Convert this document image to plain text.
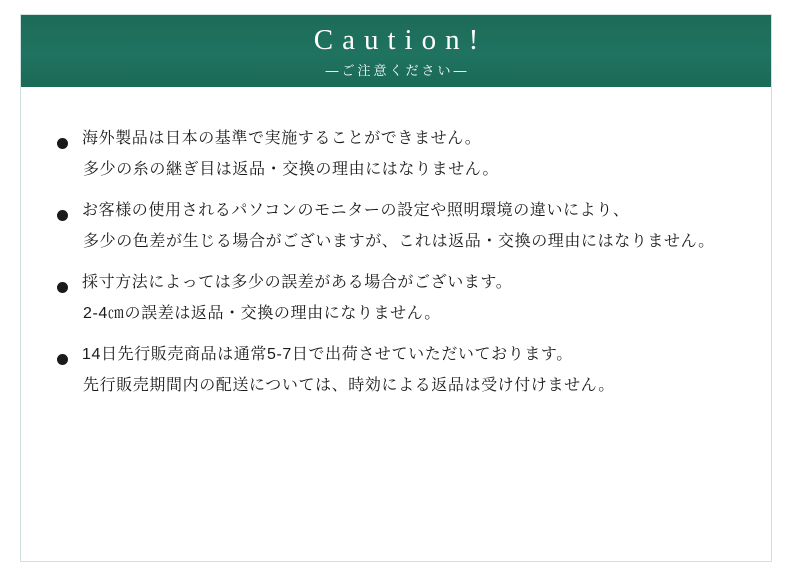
Caution!
—ご注意ください—
海外製品は日本の基準で実施することができません。
多少の糸の継ぎ目は返品・交換の理由にはなりません。
お客様の使用されるパソコンのモニターの設定や照明環境の違いにより、
多少の色差が生じる場合がございますが、これは返品・交換の理由にはなりません。
採寸方法によっては多少の誤差がある場合がございます。
2-4㎝の誤差は返品・交換の理由になりません。
14日先行販売商品は通常5-7日で出荷させていただいております。
先行販売期間内の配送については、時効による返品は受け付けません。
